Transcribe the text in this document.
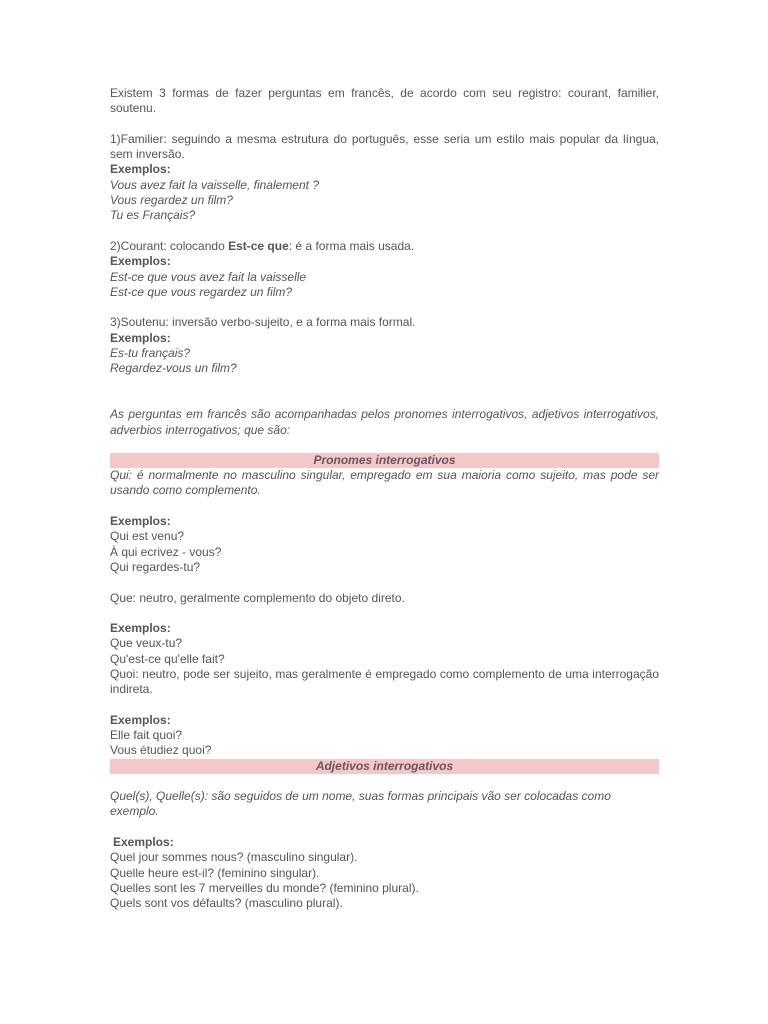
Existem 3 formas de fazer perguntas em francês, de acordo com seu registro: courant, familier, soutenu.

1)Familier: seguindo a mesma estrutura do português, esse seria um estilo mais popular da língua, sem inversão.

Exemplos:

Vous avez fait la vaisselle, finalement ?

Vous regardez un film?

Tu es Français?

2)Courant: colocando Est-ce que: é a forma mais usada.

Exemplos:

Est-ce que vous avez fait la vaisselle

Est-ce que vous regardez un film?

3)Soutenu: inversão verbo-sujeito, e a forma mais formal.

Exemplos:

Es-tu français?

Regardez-vous un film?

As perguntas em francês são acompanhadas pelos pronomes interrogativos, adjetivos interrogativos, adverbios interrogativos; que são:

Pronomes interrogativos

Qui: é normalmente no masculino singular, empregado em sua maioria como sujeito, mas pode ser usando como complemento.

Exemplos:

Qui est venu?

À qui ecrivez - vous?

Qui regardes-tu?

Que: neutro, geralmente complemento do objeto direto.

Exemplos:

Que veux-tu?

Qu'est-ce qu'elle fait?

Quoi: neutro, pode ser sujeito, mas geralmente é empregado como complemento de uma interrogação indireta.

Exemplos:

Elle fait quoi?

Vous étudiez quoi?

Adjetivos interrogativos

Quel(s), Quelle(s): são seguidos de um nome, suas formas principais vão ser colocadas como exemplo.

Exemplos:

Quel jour sommes nous? (masculino singular).

Quelle heure est-il? (feminino singular).

Quelles sont les 7 merveilles du monde? (feminino plural).

Quels sont vos défaults? (masculino plural).
